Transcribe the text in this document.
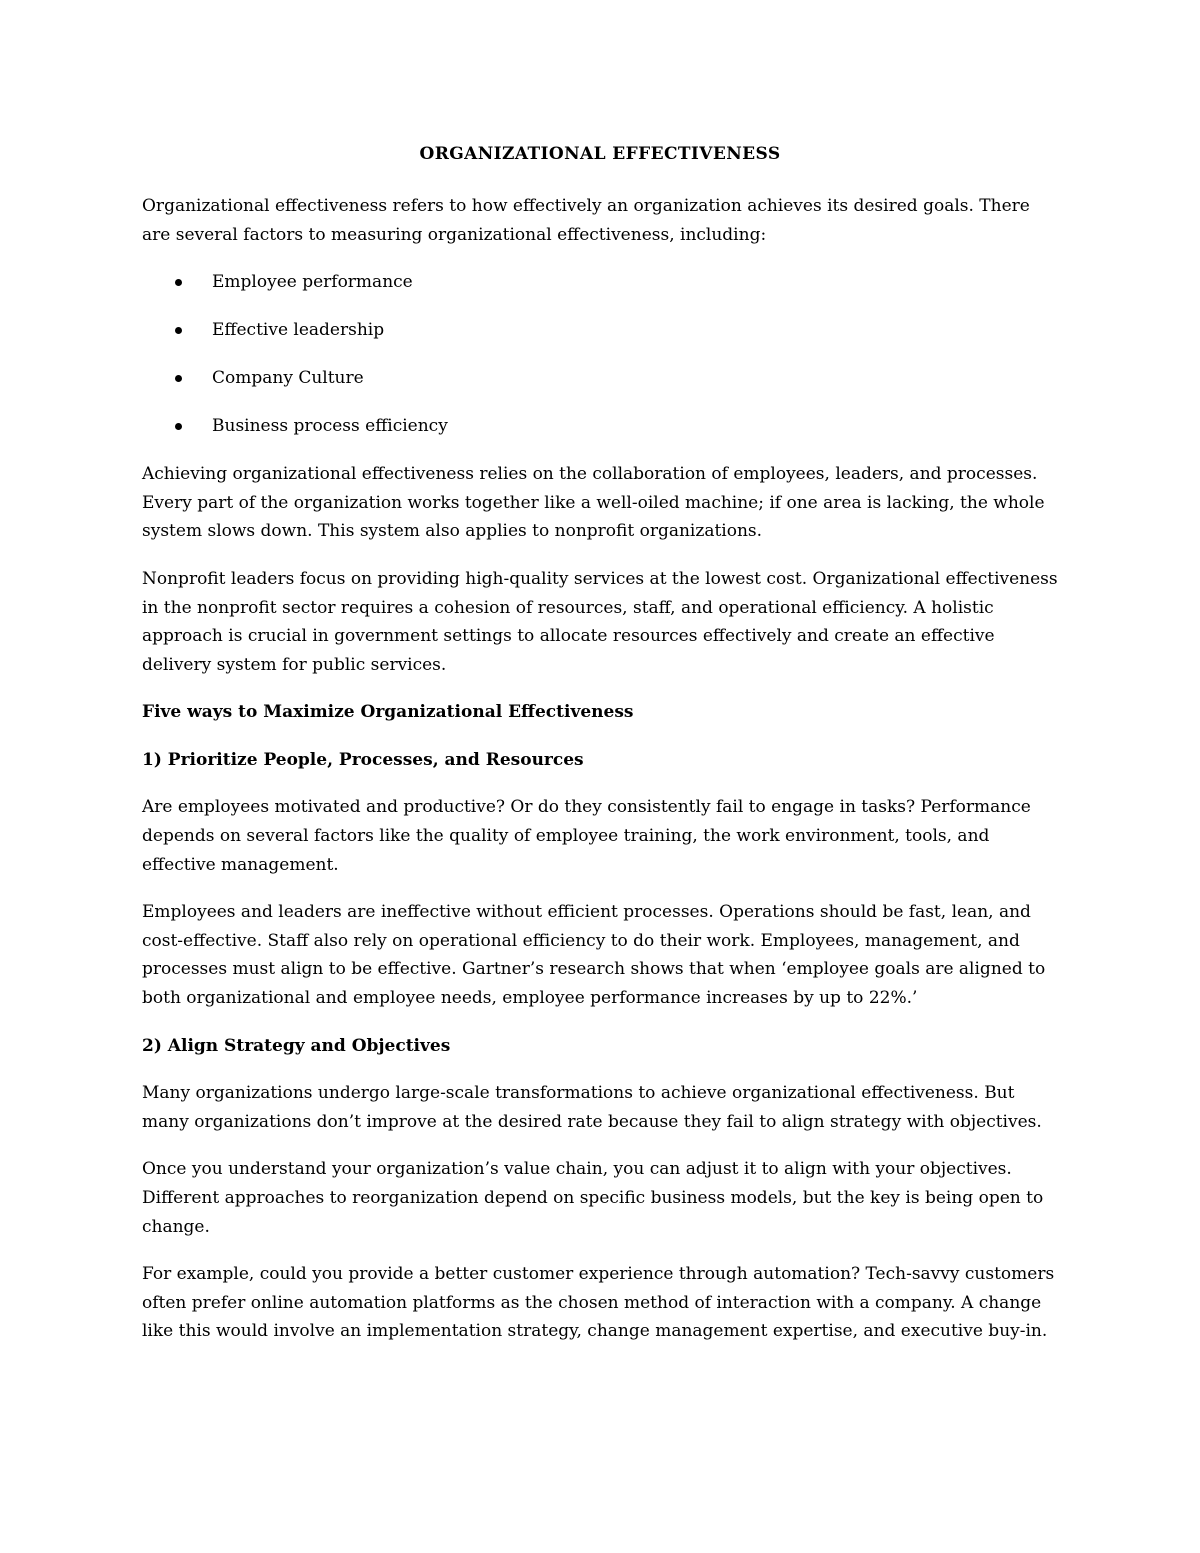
ORGANIZATIONAL EFFECTIVENESS

Organizational effectiveness refers to how effectively an organization achieves its desired goals. There are several factors to measuring organizational effectiveness, including:

Employee performance
Effective leadership
Company Culture
Business process efficiency

Achieving organizational effectiveness relies on the collaboration of employees, leaders, and processes. Every part of the organization works together like a well-oiled machine; if one area is lacking, the whole system slows down. This system also applies to nonprofit organizations.

Nonprofit leaders focus on providing high-quality services at the lowest cost. Organizational effectiveness in the nonprofit sector requires a cohesion of resources, staff, and operational efficiency. A holistic approach is crucial in government settings to allocate resources effectively and create an effective delivery system for public services.

Five ways to Maximize Organizational Effectiveness
1) Prioritize People, Processes, and Resources

Are employees motivated and productive? Or do they consistently fail to engage in tasks? Performance depends on several factors like the quality of employee training, the work environment, tools, and effective management.

Employees and leaders are ineffective without efficient processes. Operations should be fast, lean, and cost-effective. Staff also rely on operational efficiency to do their work. Employees, management, and processes must align to be effective. Gartner’s research shows that when ‘employee goals are aligned to both organizational and employee needs, employee performance increases by up to 22%.’

2) Align Strategy and Objectives

Many organizations undergo large-scale transformations to achieve organizational effectiveness. But many organizations don’t improve at the desired rate because they fail to align strategy with objectives.

Once you understand your organization’s value chain, you can adjust it to align with your objectives. Different approaches to reorganization depend on specific business models, but the key is being open to change.

For example, could you provide a better customer experience through automation? Tech-savvy customers often prefer online automation platforms as the chosen method of interaction with a company. A change like this would involve an implementation strategy, change management expertise, and executive buy-in.
